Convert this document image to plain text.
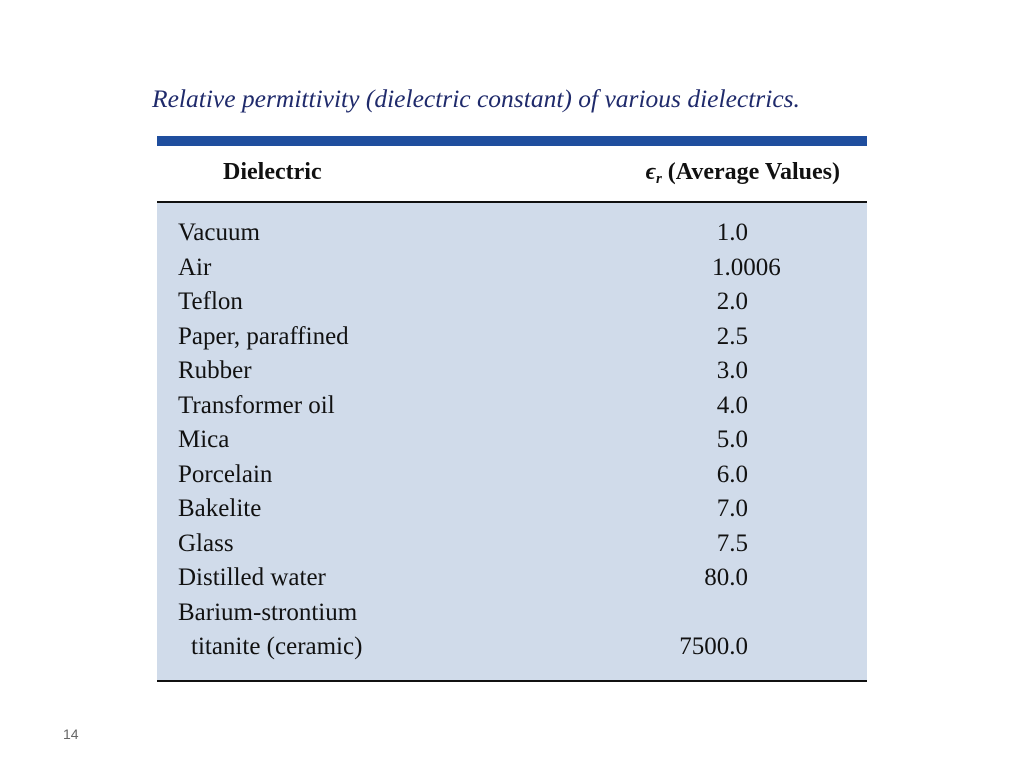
Relative permittivity (dielectric constant) of various dielectrics.
Dielectric	ϵr (Average Values)
Vacuum	1.0
Air	1.0006
Teflon	2.0
Paper, paraffined	2.5
Rubber	3.0
Transformer oil	4.0
Mica	5.0
Porcelain	6.0
Bakelite	7.0
Glass	7.5
Distilled water	80.0
Barium-strontium
titanite (ceramic)	7500.0
14
